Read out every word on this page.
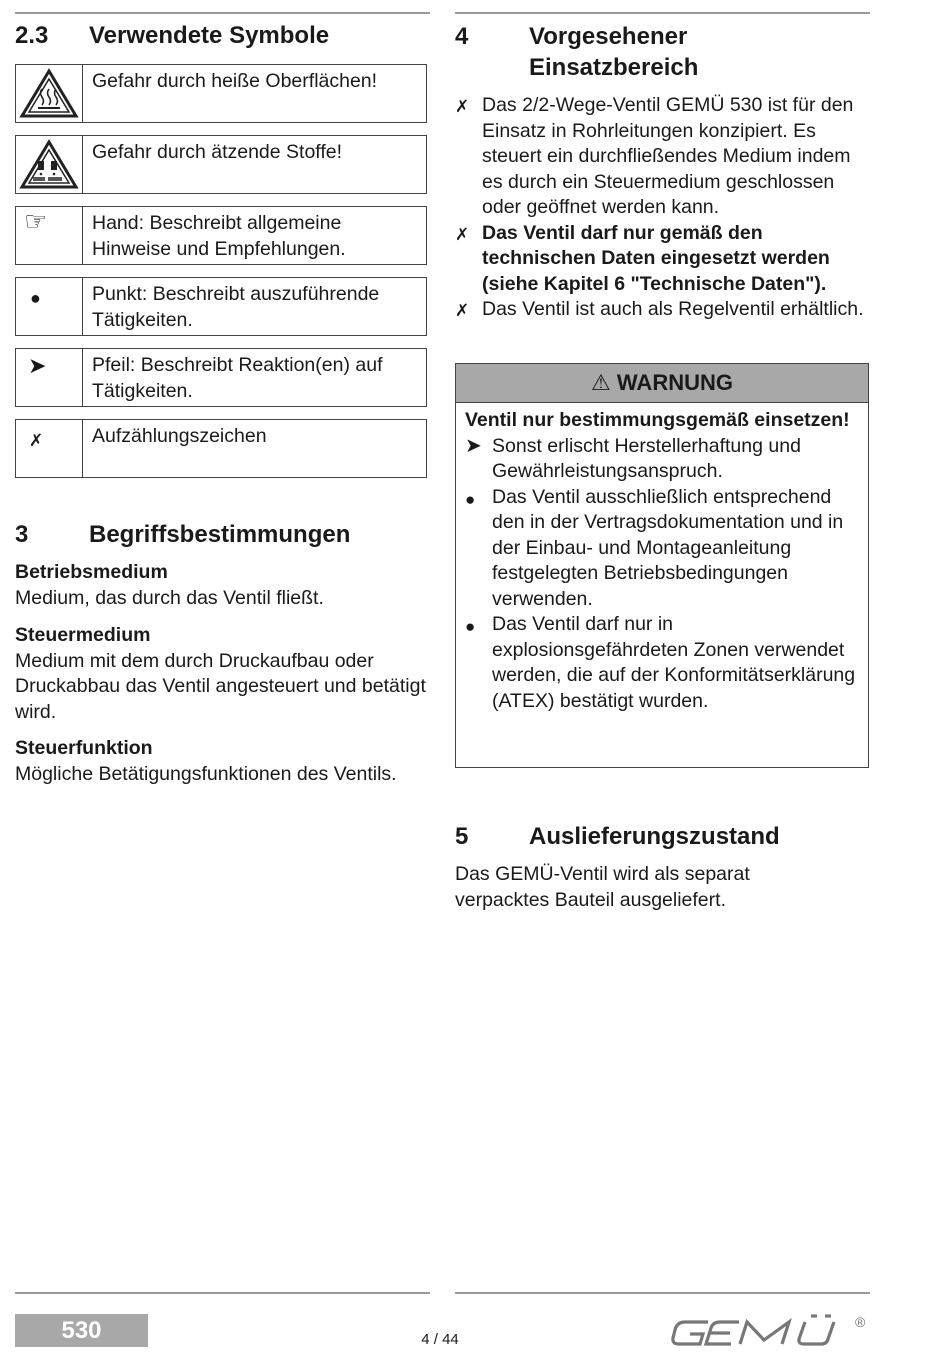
2.3 Verwendete Symbole
Gefahr durch heiße Oberflächen!
Gefahr durch ätzende Stoffe!
☞ Hand: Beschreibt allgemeine Hinweise und Empfehlungen.
●	Punkt: Beschreibt auszuführende Tätigkeiten.
➤ Pfeil: Beschreibt Reaktion(en) auf Tätigkeiten.
✗	Aufzählungszeichen
3	Begriffsbestimmungen
Betriebsmedium
Medium, das durch das Ventil fließt.
Steuermedium
Medium mit dem durch Druckaufbau oder Druckabbau das Ventil angesteuert und betätigt wird.
Steuerfunktion
Mögliche Betätigungsfunktionen des Ventils.
4	Vorgesehener Einsatzbereich
✗ Das 2/2-Wege-Ventil GEMÜ 530 ist für den Einsatz in Rohrleitungen konzipiert. Es steuert ein durchfließendes Medium indem es durch ein Steuermedium geschlossen oder geöffnet werden kann.
✗ Das Ventil darf nur gemäß den technischen Daten eingesetzt werden (siehe Kapitel 6 "Technische Daten").
✗ Das Ventil ist auch als Regelventil erhältlich.
⚠ WARNUNG
Ventil nur bestimmungsgemäß einsetzen!
➤ Sonst erlischt Herstellerhaftung und Gewährleistungsanspruch.
● Das Ventil ausschließlich entsprechend den in der Vertragsdokumentation und in der Einbau- und Montageanleitung festgelegten Betriebsbedingungen verwenden.
● Das Ventil darf nur in explosionsgefährdeten Zonen verwendet werden, die auf der Konformitätserklärung (ATEX) bestätigt wurden.
5	Auslieferungszustand
Das GEMÜ-Ventil wird als separat verpacktes Bauteil ausgeliefert.
530	4 / 44
®
